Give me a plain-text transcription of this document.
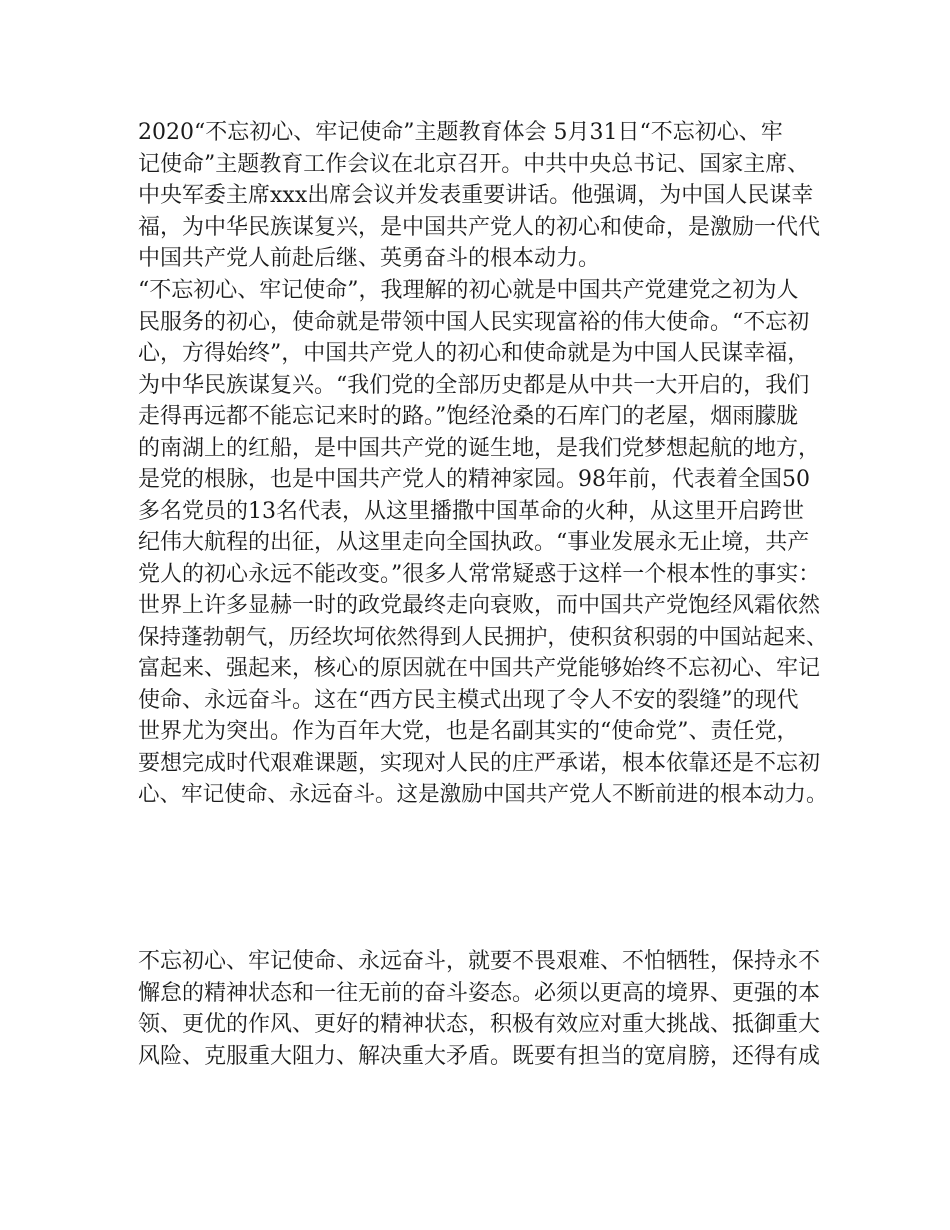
2020“不忘初心、牢记使命”主题教育体会 5月31日“不忘初心、牢
记使命”主题教育工作会议在北京召开。中共中央总书记、国家主席、
中央军委主席xxx出席会议并发表重要讲话。他强调，为中国人民谋幸
福，为中华民族谋复兴，是中国共产党人的初心和使命，是激励一代代
中国共产党人前赴后继、英勇奋斗的根本动力。
“不忘初心、牢记使命”，我理解的初心就是中国共产党建党之初为人
民服务的初心，使命就是带领中国人民实现富裕的伟大使命。“不忘初
心，方得始终”，中国共产党人的初心和使命就是为中国人民谋幸福，
为中华民族谋复兴。“我们党的全部历史都是从中共一大开启的，我们
走得再远都不能忘记来时的路。”饱经沧桑的石库门的老屋，烟雨朦胧
的南湖上的红船，是中国共产党的诞生地，是我们党梦想起航的地方，
是党的根脉，也是中国共产党人的精神家园。98年前，代表着全国50
多名党员的13名代表，从这里播撒中国革命的火种，从这里开启跨世
纪伟大航程的出征，从这里走向全国执政。“事业发展永无止境，共产
党人的初心永远不能改变。”很多人常常疑惑于这样一个根本性的事实：
世界上许多显赫一时的政党最终走向衰败，而中国共产党饱经风霜依然
保持蓬勃朝气，历经坎坷依然得到人民拥护，使积贫积弱的中国站起来、
富起来、强起来，核心的原因就在中国共产党能够始终不忘初心、牢记
使命、永远奋斗。这在“西方民主模式出现了令人不安的裂缝”的现代
世界尤为突出。作为百年大党，也是名副其实的“使命党”、责任党，
要想完成时代艰难课题，实现对人民的庄严承诺，根本依靠还是不忘初
心、牢记使命、永远奋斗。这是激励中国共产党人不断前进的根本动力。
不忘初心、牢记使命、永远奋斗，就要不畏艰难、不怕牺牲，保持永不
懈怠的精神状态和一往无前的奋斗姿态。必须以更高的境界、更强的本
领、更优的作风、更好的精神状态，积极有效应对重大挑战、抵御重大
风险、克服重大阻力、解决重大矛盾。既要有担当的宽肩膀，还得有成
